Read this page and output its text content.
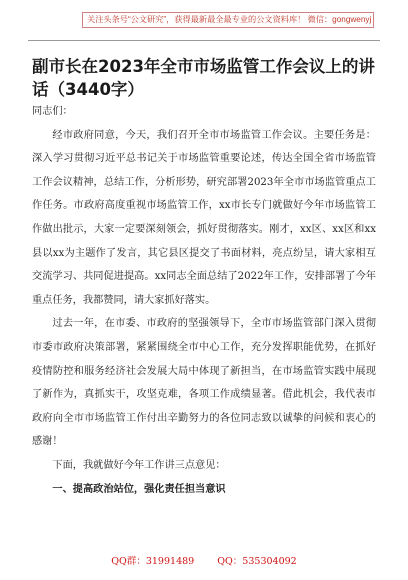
关注头条号“公文研究”，获得最新最全最专业的公文资料库！ 微信：gongwenyj
副市长在2023年全市市场监管工作会议上的讲话（3440字）

同志们：

经市政府同意，今天，我们召开全市市场监管工作会议。主要任务是：深入学习贯彻习近平总书记关于市场监管重要论述，传达全国全省市场监管工作会议精神，总结工作，分析形势，研究部署2023年全市市场监管重点工作任务。市政府高度重视市场监管工作，xx市长专门就做好今年市场监管工作做出批示，大家一定要深刻领会，抓好贯彻落实。刚才，xx区、xx区和xx县以xx为主题作了发言，其它县区提交了书面材料，亮点纷呈，请大家相互交流学习、共同促进提高。xx同志全面总结了2022年工作，安排部署了今年重点任务，我都赞同，请大家抓好落实。

过去一年，在市委、市政府的坚强领导下，全市市场监管部门深入贯彻市委市政府决策部署，紧紧围绕全市中心工作，充分发挥职能优势，在抓好疫情防控和服务经济社会发展大局中体现了新担当，在市场监管实践中展现了新作为，真抓实干，攻坚克难，各项工作成绩显著。借此机会，我代表市政府向全市市场监管工作付出辛勤努力的各位同志致以诚挚的问候和衷心的感谢！

下面，我就做好今年工作讲三点意见：

一、提高政治站位，强化责任担当意识

QQ群：31991489 QQ：535304092
